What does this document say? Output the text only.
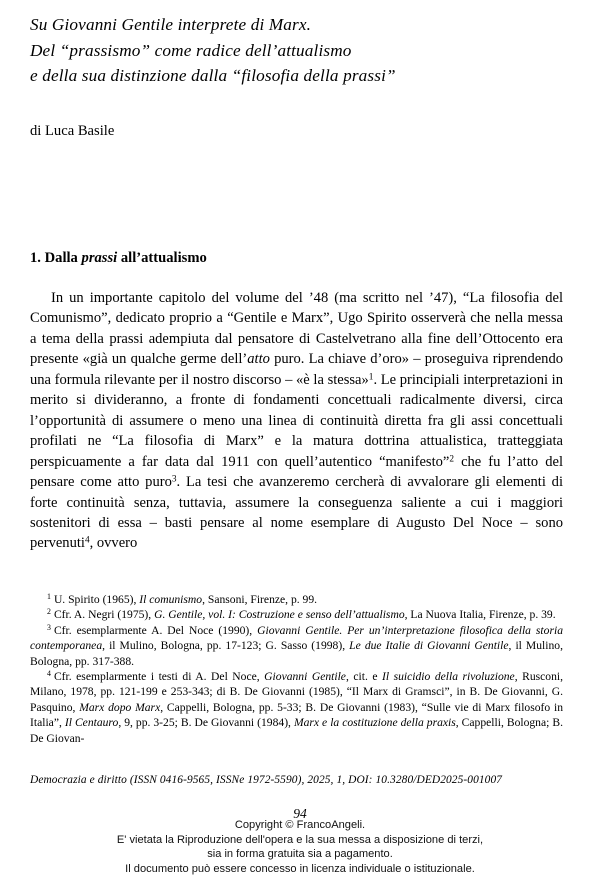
Su Giovanni Gentile interprete di Marx.
Del “prassismo” come radice dell’attualismo
e della sua distinzione dalla “filosofia della prassi”
di Luca Basile
1. Dalla prassi all’attualismo

In un importante capitolo del volume del ’48 (ma scritto nel ’47), “La filosofia del Comunismo”, dedicato proprio a “Gentile e Marx”, Ugo Spirito osserverà che nella messa a tema della prassi adempiuta dal pensatore di Castelvetrano alla fine dell’Ottocento era presente «già un qualche germe dell’atto puro. La chiave d’oro» – proseguiva riprendendo una formula rilevante per il nostro discorso – «è la stessa»$^1$. Le principiali interpretazioni in merito si divideranno, a fronte di fondamenti concettuali radicalmente diversi, circa l’opportunità di assumere o meno una linea di continuità diretta fra gli assi concettuali profilati ne “La filosofia di Marx” e la matura dottrina attualistica, tratteggiata perspicuamente a far data dal 1911 con quell’autentico “manifesto”$^2$ che fu l’atto del pensare come atto puro$^3$. La tesi che avanzeremo cercherà di avvalorare gli elementi di forte continuità senza, tuttavia, assumere la conseguenza saliente a cui i maggiori sostenitori di essa – basti pensare al nome esemplare di Augusto Del Noce – sono pervenuti$^4$, ovvero

$^1$ U. Spirito (1965), Il comunismo, Sansoni, Firenze, p. 99.

$^2$ Cfr. A. Negri (1975), G. Gentile, vol. I: Costruzione e senso dell’attualismo, La Nuova Italia, Firenze, p. 39.

$^3$ Cfr. esemplarmente A. Del Noce (1990), Giovanni Gentile. Per un’interpretazione filosofica della storia contemporanea, il Mulino, Bologna, pp. 17-123; G. Sasso (1998), Le due Italie di Giovanni Gentile, il Mulino, Bologna, pp. 317-388.

$^4$ Cfr. esemplarmente i testi di A. Del Noce, Giovanni Gentile, cit. e Il suicidio della rivoluzione, Rusconi, Milano, 1978, pp. 121-199 e 253-343; di B. De Giovanni (1985), “Il Marx di Gramsci”, in B. De Giovanni, G. Pasquino, Marx dopo Marx, Cappelli, Bologna, pp. 5-33; B. De Giovanni (1983), “Sulle vie di Marx filosofo in Italia”, Il Centauro, 9, pp. 3-25; B. De Giovanni (1984), Marx e la costituzione della praxis, Cappelli, Bologna; B. De Giovan-

Democrazia e diritto (ISSN 0416-9565, ISSNe 1972-5590), 2025, 1, DOI: 10.3280/DED2025-001007
94
Copyright © FrancoAngeli.
E' vietata la Riproduzione dell'opera e la sua messa a disposizione di terzi,
sia in forma gratuita sia a pagamento.
Il documento può essere concesso in licenza individuale o istituzionale.
